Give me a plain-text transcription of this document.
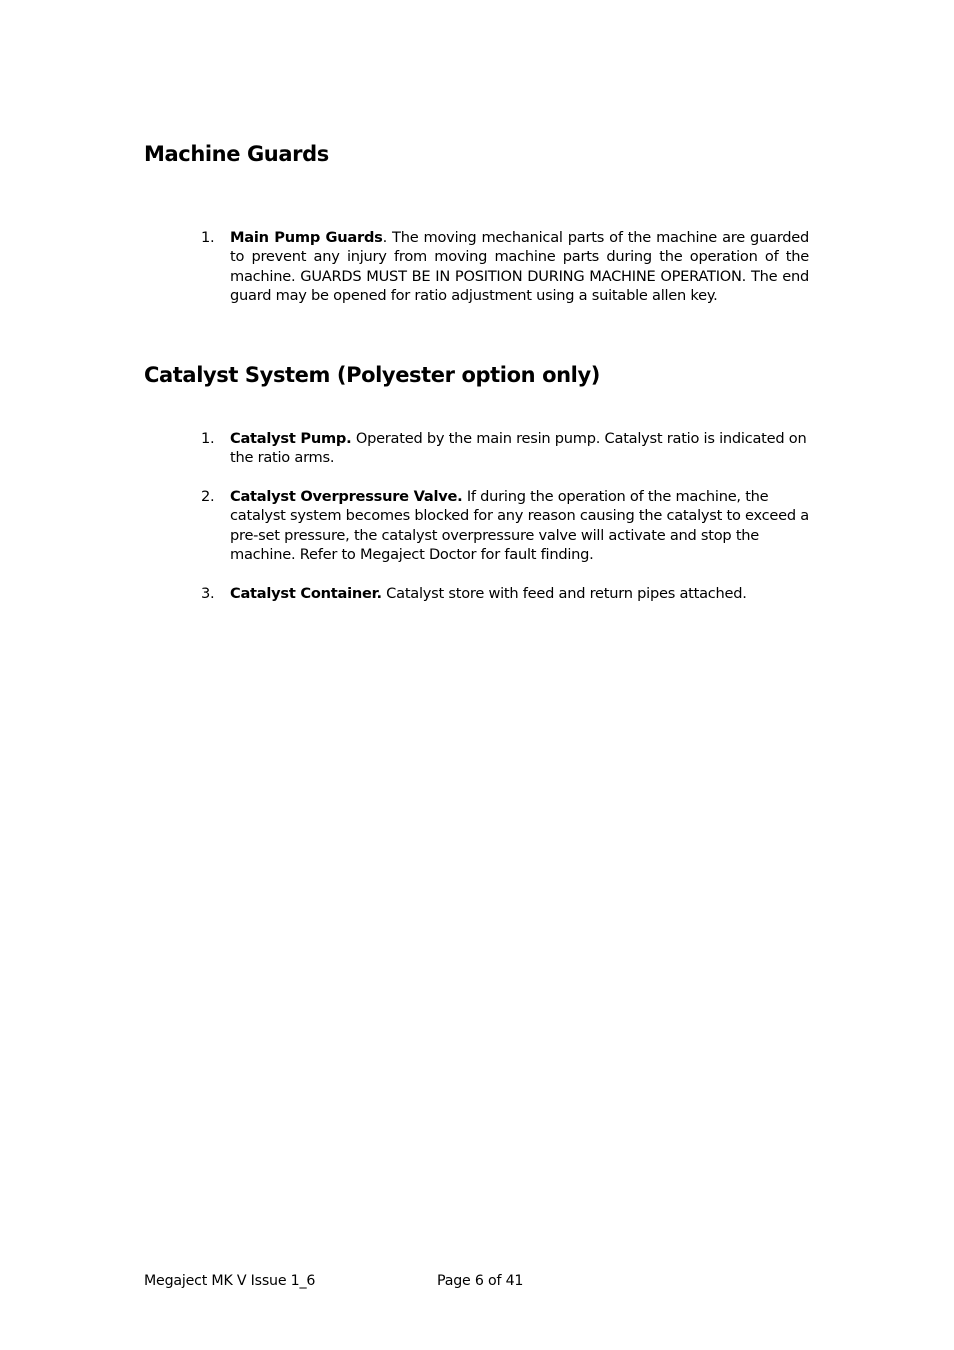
Machine Guards
1. Main Pump Guards. The moving mechanical parts of the machine are guarded to prevent any injury from moving machine parts during the operation of the machine. GUARDS MUST BE IN POSITION DURING MACHINE OPERATION. The end guard may be opened for ratio adjustment using a suitable allen key.
Catalyst System (Polyester option only)
1. Catalyst Pump. Operated by the main resin pump. Catalyst ratio is indicated on the ratio arms.
2. Catalyst Overpressure Valve. If during the operation of the machine, the catalyst system becomes blocked for any reason causing the catalyst to exceed a pre-set pressure, the catalyst overpressure valve will activate and stop the machine. Refer to Megaject Doctor for fault finding.
3. Catalyst Container. Catalyst store with feed and return pipes attached.
Megaject MK V Issue 1_6	Page 6 of 41
